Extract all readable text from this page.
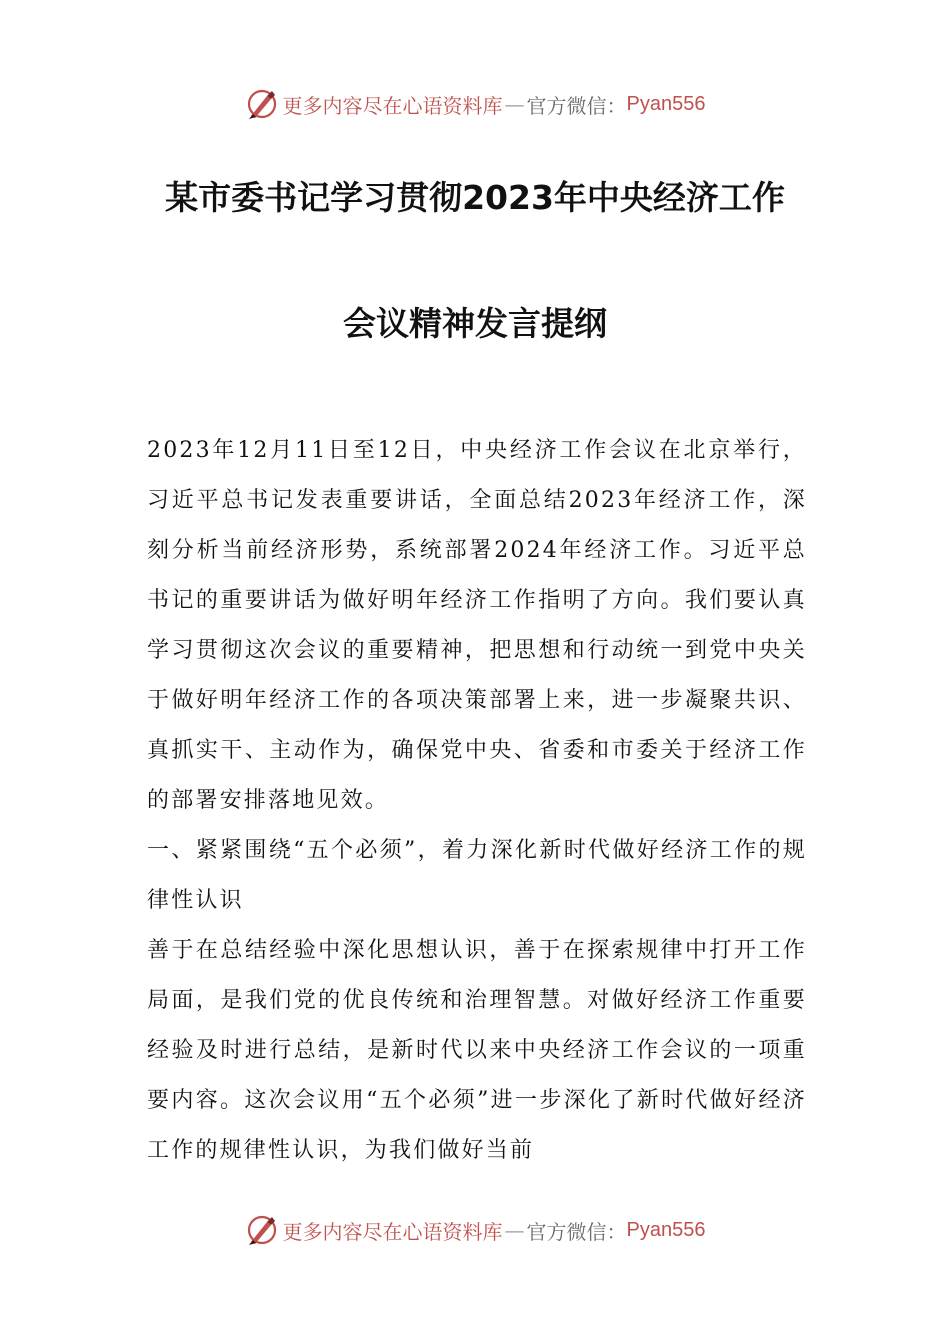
更多内容尽在心语资料库 — 官方微信： Pyan556
某市委书记学习贯彻2023年中央经济工作
会议精神发言提纲

2023年12月11日至12日，中央经济工作会议在北京举行，习近平总书记发表重要讲话，全面总结2023年经济工作，深刻分析当前经济形势，系统部署2024年经济工作。习近平总书记的重要讲话为做好明年经济工作指明了方向。我们要认真学习贯彻这次会议的重要精神，把思想和行动统一到党中央关于做好明年经济工作的各项决策部署上来，进一步凝聚共识、真抓实干、主动作为，确保党中央、省委和市委关于经济工作的部署安排落地见效。

一、紧紧围绕“五个必须”，着力深化新时代做好经济工作的规律性认识

善于在总结经验中深化思想认识，善于在探索规律中打开工作局面，是我们党的优良传统和治理智慧。对做好经济工作重要经验及时进行总结，是新时代以来中央经济工作会议的一项重要内容。这次会议用“五个必须”进一步深化了新时代做好经济工作的规律性认识，为我们做好当前

更多内容尽在心语资料库 — 官方微信： Pyan556
